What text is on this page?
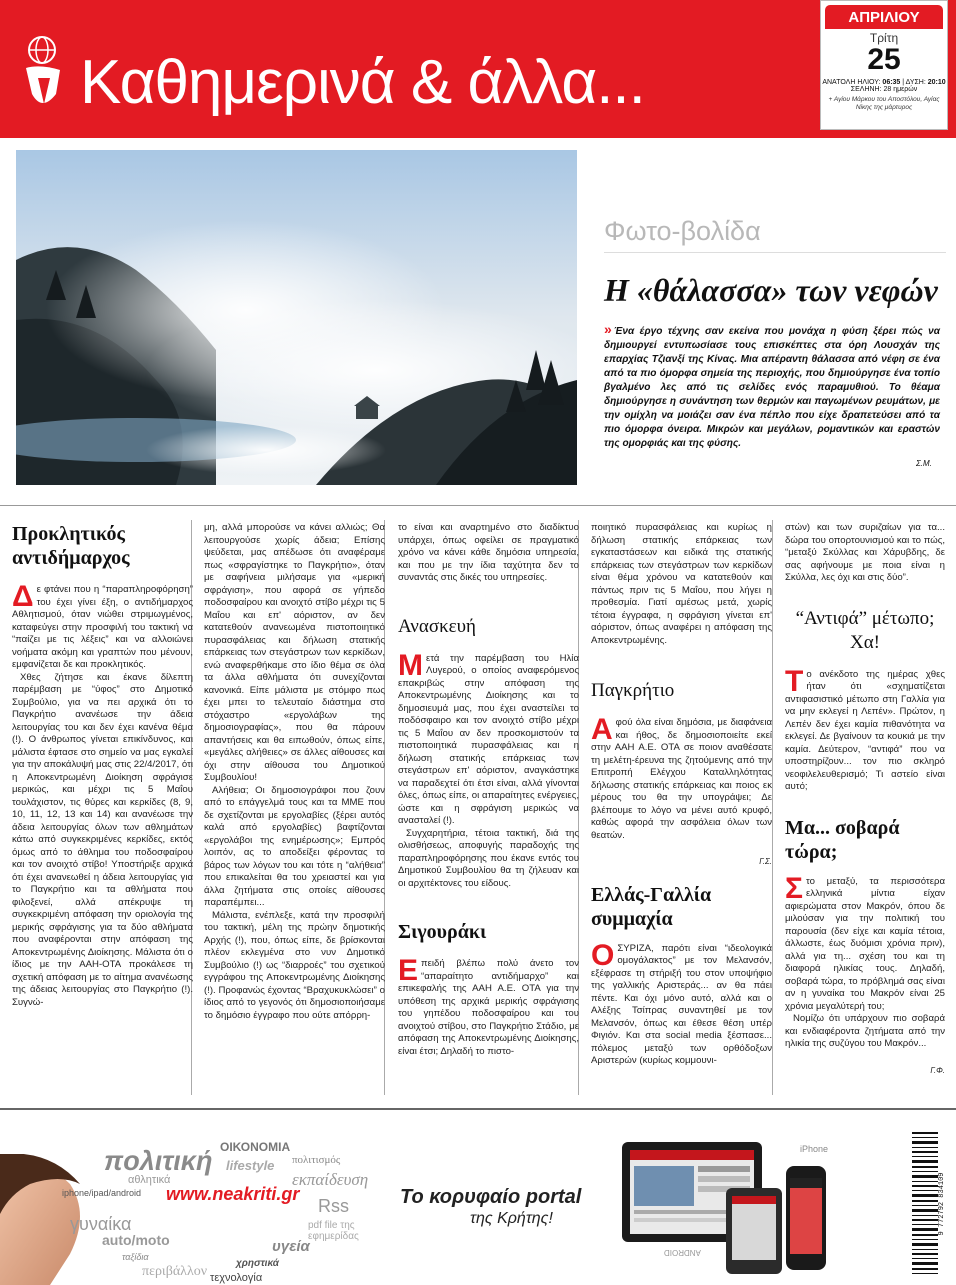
Καθημερινά & άλλα...
ΑΠΡΙΛΙΟΥ
Τρίτη
25
ΑΝΑΤΟΛΗ ΗΛΙΟΥ: 06:35 | ΔΥΣΗ: 20:10
ΣΕΛΗΝΗ: 28 ημερών
+ Αγίου Μάρκου του Αποστόλου, Αγίας Νίκης της μάρτυρος
Φωτο-βολίδα
Η «θάλασσα» των νεφών
» Ένα έργο τέχνης σαν εκείνα που μονάχα η φύση ξέρει πώς να δημιουργεί εντυπωσίασε τους επισκέπτες στα όρη Λουσχάν της επαρχίας Τζιανξί της Κίνας. Μια απέραντη θάλασσα από νέφη σε ένα από τα πιο όμορφα σημεία της περιοχής, που δημιούργησε ένα τοπίο βγαλμένο λες από τις σελίδες ενός παραμυθιού. Το θέαμα δημιούργησε η συνάντηση των θερμών και παγωμένων ρευμάτων, με την ομίχλη να μοιάζει σαν ένα πέπλο που είχε δραπετεύσει από τα πιο όμορφα όνειρα. Μικρών και μεγάλων, ρομαντικών και εραστών της ομορφιάς και της φύσης.
Σ.Μ.
Προκλητικός αντιδήμαρχος

Δε φτάνει που η “παραπληροφόρηση” του έχει γίνει έξη, ο αντιδήμαρχος Αθλητισμού, όταν νιώθει στριμωγμένος, καταφεύγει στην προσφιλή του τακτική να “παίζει με τις λέξεις” και να αλλοιώνει νοήματα ακόμη και γραπτών που μένουν, εμφανίζεται δε και προκλητικός.

Χθες ζήτησε και έκανε δίλεπτη παρέμβαση με “ύφος” στο Δημοτικό Συμβούλιο, για να πει αρχικά ότι το Παγκρήτιο ανανέωσε την άδεια λειτουργίας του και δεν έχει κανένα θέμα (!). Ο άνθρωπος γίνεται επικίνδυνος, και μάλιστα έφτασε στο σημείο να μας εγκαλεί για την αποκάλυψή μας στις 22/4/2017, ότι η Αποκεντρωμένη Διοίκηση σφράγισε μερικώς, και μέχρι τις 5 Μαΐου τουλάχιστον, τις θύρες και κερκίδες (8, 9, 10, 11, 12, 13 και 14) και ανανέωσε την άδεια λειτουργίας όλων των αθλημάτων κάτω από συγκεκριμένες κερκίδες, εκτός όμως από το άθλημα του ποδοσφαίρου και τον ανοιχτό στίβο! Υποστήριξε αρχικά ότι έχει ανανεωθεί η άδεια λειτουργίας για το Παγκρήτιο και τα αθλήματα που φιλοξενεί, αλλά απέκρυψε τη συγκεκριμένη απόφαση την οριολογία της μερικής σφράγισης για τα δύο αθλήματα που αναφέρονται στην απόφαση της Αποκεντρωμένης Διοίκησης. Μάλιστα ότι ο ίδιος με την ΑΑΗ-ΟΤΑ προκάλεσε τη σχετική απόφαση με το αίτημα ανανέωσης της άδειας λειτουργίας στο Παγκρήτιο (!). Συγνώ-

μη, αλλά μπορούσε να κάνει αλλιώς; Θα λειτουργούσε χωρίς άδεια; Επίσης ψεύδεται, μας απέδωσε ότι αναφέραμε πως «σφραγίστηκε το Παγκρήτιο», όταν με σαφήνεια μιλήσαμε για «μερική σφράγιση», που αφορά σε γήπεδο ποδοσφαίρου και ανοιχτό στίβο μέχρι τις 5 Μαΐου και επ' αόριστον, αν δεν κατατεθούν ανανεωμένα πιστοποιητικό πυρασφάλειας και δήλωση στατικής επάρκειας των στεγάστρων των κερκίδων, ενώ αναφερθήκαμε στο ίδιο θέμα σε όλα τα άλλα αθλήματα ότι συνεχίζονται κανονικά. Είπε μάλιστα με στόμφο πως έχει μπει το τελευταίο διάστημα στο στόχαστρο «εργολάβων της δημοσιογραφίας», που θα πάρουν απαντήσεις και θα ειπωθούν, όπως είπε, «μεγάλες αλήθειες» σε άλλες αίθουσες και όχι στην αίθουσα του Δημοτικού Συμβουλίου!

Αλήθεια; Οι δημοσιογράφοι που ζουν από το επάγγελμά τους και τα ΜΜΕ που δε σχετίζονται με εργολαβίες (ξέρει αυτός καλά από εργολαβίες) βαφτίζονται «εργολάβοι της ενημέρωσης»; Εμπρός λοιπόν, ας το αποδείξει φέροντας το βάρος των λόγων του και τότε η “αλήθεια” που επικαλείται θα του χρειαστεί και για άλλα ζητήματα στις οποίες αίθουσες παραπέμπει...

Μάλιστα, ενέπλεξε, κατά την προσφιλή του τακτική, μέλη της πρώην δημοτικής Αρχής (!), που, όπως είπε, δε βρίσκονται πλέον εκλεγμένα στο νυν Δημοτικό Συμβούλιο (!) ως “διαρροές” του σχετικού εγγράφου της Αποκεντρωμένης Διοίκησης (!). Προφανώς έχοντας “Βραχυκυκλώσει” ο ίδιος από το γεγονός ότι δημοσιοποιήσαμε το δημόσιο έγγραφο που ούτε απόρρη-

το είναι και αναρτημένο στο διαδίκτυο υπάρχει, όπως οφείλει σε πραγματικό χρόνο να κάνει κάθε δημόσια υπηρεσία, και που με την ίδια ταχύτητα δεν το συναντάς στις δικές του υπηρεσίες.

Ανασκευή

Μετά την παρέμβαση του Ηλία Λυγερού, ο οποίος αναφερόμενος επακριβώς στην απόφαση της Αποκεντρωμένης Διοίκησης και το δημοσιευμά μας, που έχει αναστείλει το ποδόσφαιρο και τον ανοιχτό στίβο μέχρι τις 5 Μαΐου αν δεν προσκομιστούν τα πιστοποιητικά πυρασφάλειας και η δήλωση στατικής επάρκειας των στεγάστρων επ' αόριστον, αναγκάστηκε να παραδεχτεί ότι έτσι είναι, αλλά γίνονται όλες, όπως είπε, οι απαραίτητες ενέργειες, ώστε και η σφράγιση μερικώς να ανασταλεί (!).

Συγχαρητήρια, τέτοια τακτική, διά της ολισθήσεως, αποφυγής παραδοχής της παραπληροφόρησης που έκανε εντός του Δημοτικού Συμβουλίου θα τη ζήλευαν και οι αρχιτέκτονες του είδους.

Σιγουράκι

Επειδή βλέπω πολύ άνετο τον “απαραίτητο αντιδήμαρχο” και επικεφαλής της ΑΑΗ Α.Ε. ΟΤΑ για την υπόθεση της αρχικά μερικής σφράγισης του γηπέδου ποδοσφαίρου και του ανοιχτού στίβου, στο Παγκρήτιο Στάδιο, με απόφαση της Αποκεντρωμένης Διοίκησης, είναι έτσι; Δηλαδή το πιστο-

ποιητικό πυρασφάλειας και κυρίως η δήλωση στατικής επάρκειας των εγκαταστάσεων και ειδικά της στατικής επάρκειας των στεγάστρων των κερκίδων είναι θέμα χρόνου να κατατεθούν και πάντως πριν τις 5 Μαΐου, που λήγει η προθεσμία. Γιατί αμέσως μετά, χωρίς τέτοια έγγραφα, η σφράγιση γίνεται επ' αόριστον, όπως αναφέρει η απόφαση της Αποκεντρωμένης.

Παγκρήτιο

Αφού όλα είναι δημόσια, με διαφάνεια και ήθος, δε δημοσιοποιείτε εκεί στην ΑΑΗ Α.Ε. ΟΤΑ σε ποιον αναθέσατε τη μελέτη-έρευνα της ζητούμενης από την Επιτροπή Ελέγχου Καταλληλότητας δήλωσης στατικής επάρκειας και ποιος εκ μέρους του θα την υπογράψει; Δε βλέπουμε το λόγο να μένει αυτό κρυφό, καθώς αφορά την ασφάλεια όλων των θεατών.

Γ.Σ.
Ελλάς-Γαλλία συμμαχία

ΟΣΥΡΙΖΑ, παρότι είναι “ιδεολογικά ομογάλακτος” με τον Μελανσόν, εξέφρασε τη στήριξή του στον υποψήφιο της γαλλικής Αριστεράς... αν θα πάει πέντε. Και όχι μόνο αυτό, αλλά και ο Αλέξης Τσίπρας συναντηθεί με τον Μελανσόν, όπως και έθεσε θέση υπέρ Φιγιόν. Και στα social media ξέσπασε... πόλεμος μεταξύ των ορθόδοξων Αριστερών (κυρίως κομμουνι-

στών) και των συριζαίων για τα... δώρα του οπορτουνισμού και το πώς, “μεταξύ Σκύλλας και Χάρυβδης, δε σας αφήνουμε με ποια είναι η Σκύλλα, λες όχι και στις δύο”.

“Αντιφά” μέτωπο; Χα!

Το ανέκδοτο της ημέρας χθες ήταν ότι «σχηματίζεται αντιφασιστικό μέτωπο στη Γαλλία για να μην εκλεγεί η Λεπέν». Πρώτον, η Λεπέν δεν έχει καμία πιθανότητα να εκλεγεί. Δε βγαίνουν τα κουκιά με την καμία. Δεύτερον, “αντιφά” που να υποστηρίζουν... τον πιο σκληρό νεοφιλελευθερισμό; Τι αστείο είναι αυτό;

Μα... σοβαρά τώρα;

Στο μεταξύ, τα περισσότερα ελληνικά μίντια είχαν αφιερώματα στον Μακρόν, όπου δε μιλούσαν για την πολιτική του παρουσία (δεν είχε και καμία τέτοια, άλλωστε, έως δυόμισι χρόνια πριν), αλλά για τη... σχέση του και τη διαφορά ηλικίας τους. Δηλαδή, σοβαρά τώρα, το πρόβλημά σας είναι αν η γυναίκα του Μακρόν είναι 25 χρόνια μεγαλύτερή του;

Νομίζω ότι υπάρχουν πιο σοβαρά και ενδιαφέροντα ζητήματα από την ηλικία της συζύγου του Μακρόν...

Γ.Φ.
πολιτική ΟΙΚΟΝΟΜΙΑ
πολιτισμός
αθλητικά
lifestyle
εκπαίδευση
iphone/ipad/android
γυναίκα
www.neakriti.gr
Rss
auto/moto
pdf file της εφημερίδας
ταξίδια
υγεία
περιβάλλον
χρηστικά
τεχνολογία
Το κορυφαίο portal
της Κρήτης!
ANDROID
iPhone
9 772792 834109
